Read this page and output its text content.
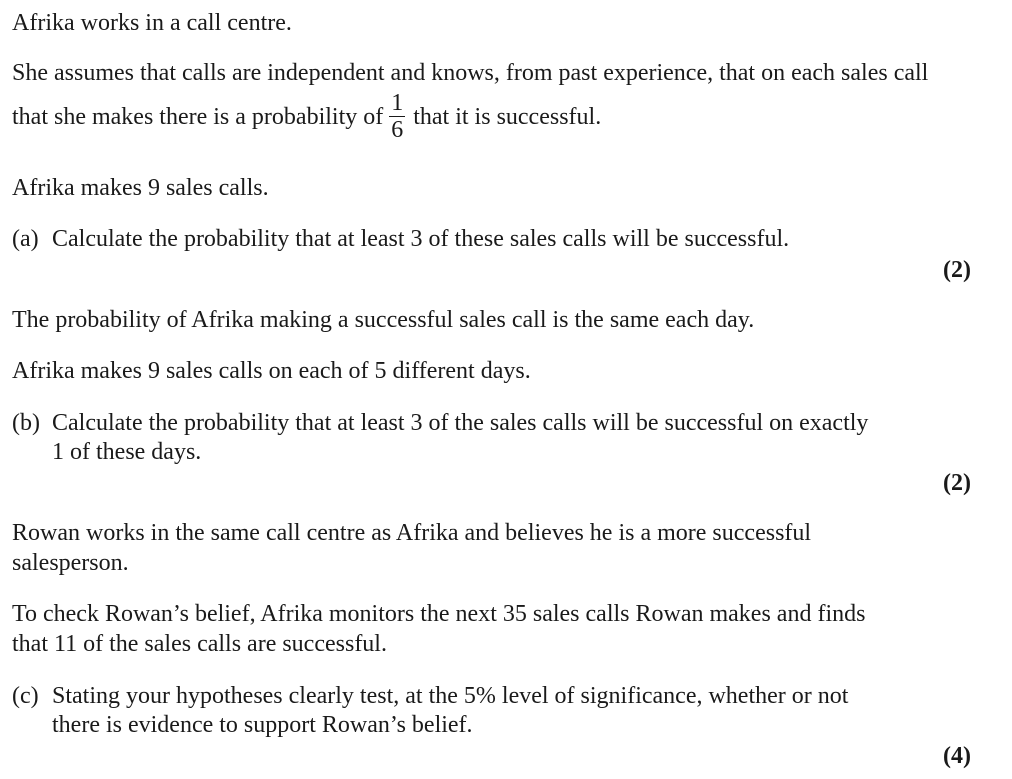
Afrika works in a call centre.
She assumes that calls are independent and knows, from past experience, that on each sales call
that she makes there is a probability of $\frac{1}{6}$ that it is successful.
Afrika makes 9 sales calls.
(a) Calculate the probability that at least 3 of these sales calls will be successful.
(2)
The probability of Afrika making a successful sales call is the same each day.
Afrika makes 9 sales calls on each of 5 different days.
(b) Calculate the probability that at least 3 of the sales calls will be successful on exactly
1 of these days.
(2)
Rowan works in the same call centre as Afrika and believes he is a more successful
salesperson.
To check Rowan’s belief, Afrika monitors the next 35 sales calls Rowan makes and finds
that 11 of the sales calls are successful.
(c) Stating your hypotheses clearly test, at the 5% level of significance, whether or not
there is evidence to support Rowan’s belief.
(4)
